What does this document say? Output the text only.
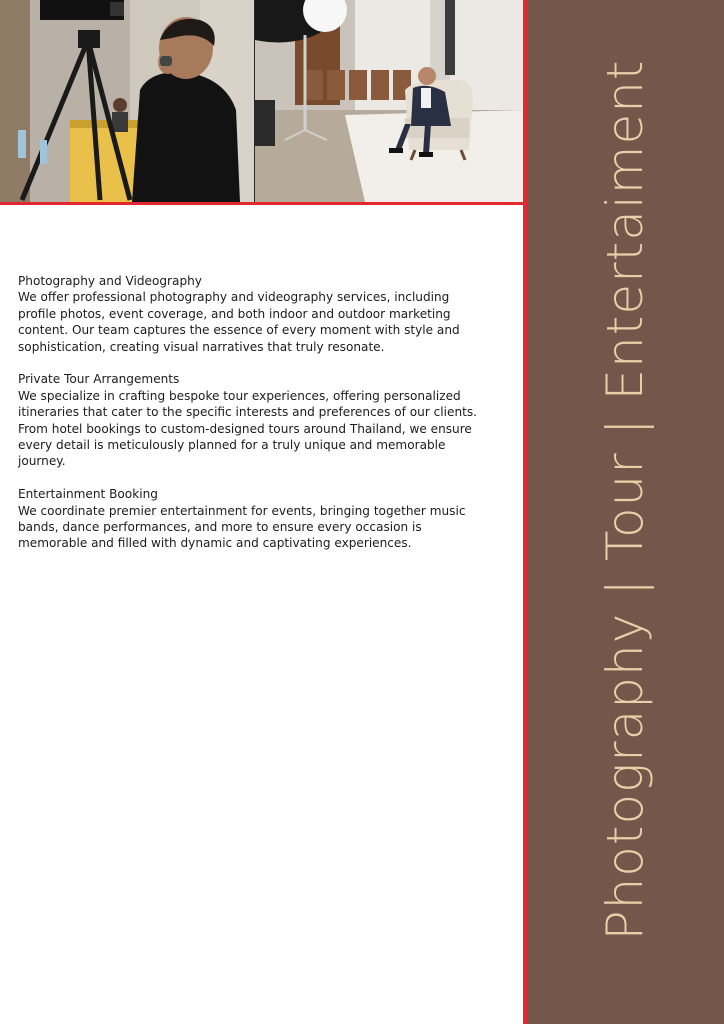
Photography | Tour | Entertaiment

Photography and Videography

We offer professional photography and videography services, including profile photos, event coverage, and both indoor and outdoor marketing content. Our team captures the essence of every moment with style and sophistication, creating visual narratives that truly resonate.

Private Tour Arrangements

We specialize in crafting bespoke tour experiences, offering personalized itineraries that cater to the specific interests and preferences of our clients. From hotel bookings to custom-designed tours around Thailand, we ensure every detail is meticulously planned for a truly unique and memorable journey.

Entertainment Booking

We coordinate premier entertainment for events, bringing together music bands, dance performances, and more to ensure every occasion is memorable and filled with dynamic and captivating experiences.
